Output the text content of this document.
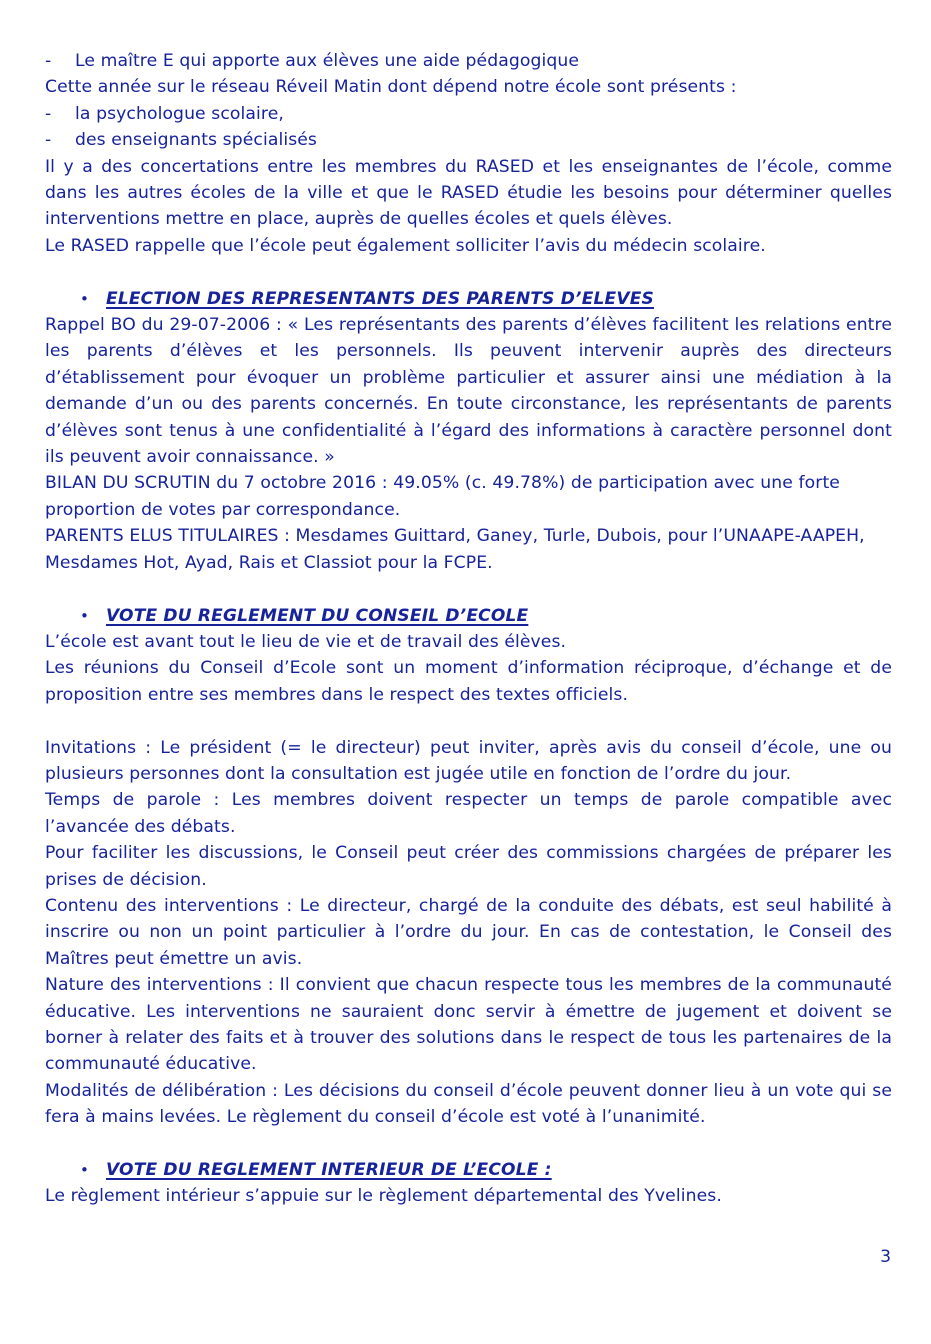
-	Le maître E qui apporte aux élèves une aide pédagogique

Cette année sur le réseau Réveil Matin dont dépend notre école sont présents :

-	la psychologue scolaire,
-	des enseignants spécialisés

Il y a des concertations entre les membres du RASED et les enseignantes de l’école, comme dans les autres écoles de la ville et que le RASED étudie les besoins pour déterminer quelles interventions mettre en place, auprès de quelles écoles et quels élèves.

Le RASED rappelle que l’école peut également solliciter l’avis du médecin scolaire.

•	ELECTION DES REPRESENTANTS DES PARENTS D’ELEVES

Rappel BO du 29-07-2006 : « Les représentants des parents d’élèves facilitent les relations entre les parents d’élèves et les personnels. Ils peuvent intervenir auprès des directeurs d’établissement pour évoquer un problème particulier et assurer ainsi une médiation à la demande d’un ou des parents concernés. En toute circonstance, les représentants de parents d’élèves sont tenus à une confidentialité à l’égard des informations à caractère personnel dont ils peuvent avoir connaissance. »

BILAN DU SCRUTIN du 7 octobre 2016 : 49.05% (c. 49.78%) de participation avec une forte proportion de votes par correspondance.

PARENTS ELUS TITULAIRES : Mesdames Guittard, Ganey, Turle, Dubois, pour l’UNAAPE-AAPEH, Mesdames Hot, Ayad, Rais et Classiot pour la FCPE.

•	VOTE DU REGLEMENT DU CONSEIL D’ECOLE

L’école est avant tout le lieu de vie et de travail des élèves.

Les réunions du Conseil d’Ecole sont un moment d’information réciproque, d’échange et de proposition entre ses membres dans le respect des textes officiels.

Invitations : Le président (= le directeur) peut inviter, après avis du conseil d’école, une ou plusieurs personnes dont la consultation est jugée utile en fonction de l’ordre du jour.

Temps de parole : Les membres doivent respecter un temps de parole compatible avec l’avancée des débats.

Pour faciliter les discussions, le Conseil peut créer des commissions chargées de préparer les prises de décision.

Contenu des interventions : Le directeur, chargé de la conduite des débats, est seul habilité à inscrire ou non un point particulier à l’ordre du jour. En cas de contestation, le Conseil des Maîtres peut émettre un avis.

Nature des interventions : Il convient que chacun respecte tous les membres de la communauté éducative. Les interventions ne sauraient donc servir à émettre de jugement et doivent se borner à relater des faits et à trouver des solutions dans le respect de tous les partenaires de la communauté éducative.

Modalités de délibération : Les décisions du conseil d’école peuvent donner lieu à un vote qui se fera à mains levées. Le règlement du conseil d’école est voté à l’unanimité.

•	VOTE DU REGLEMENT INTERIEUR DE L’ECOLE :

Le règlement intérieur s’appuie sur le règlement départemental des Yvelines.

3
